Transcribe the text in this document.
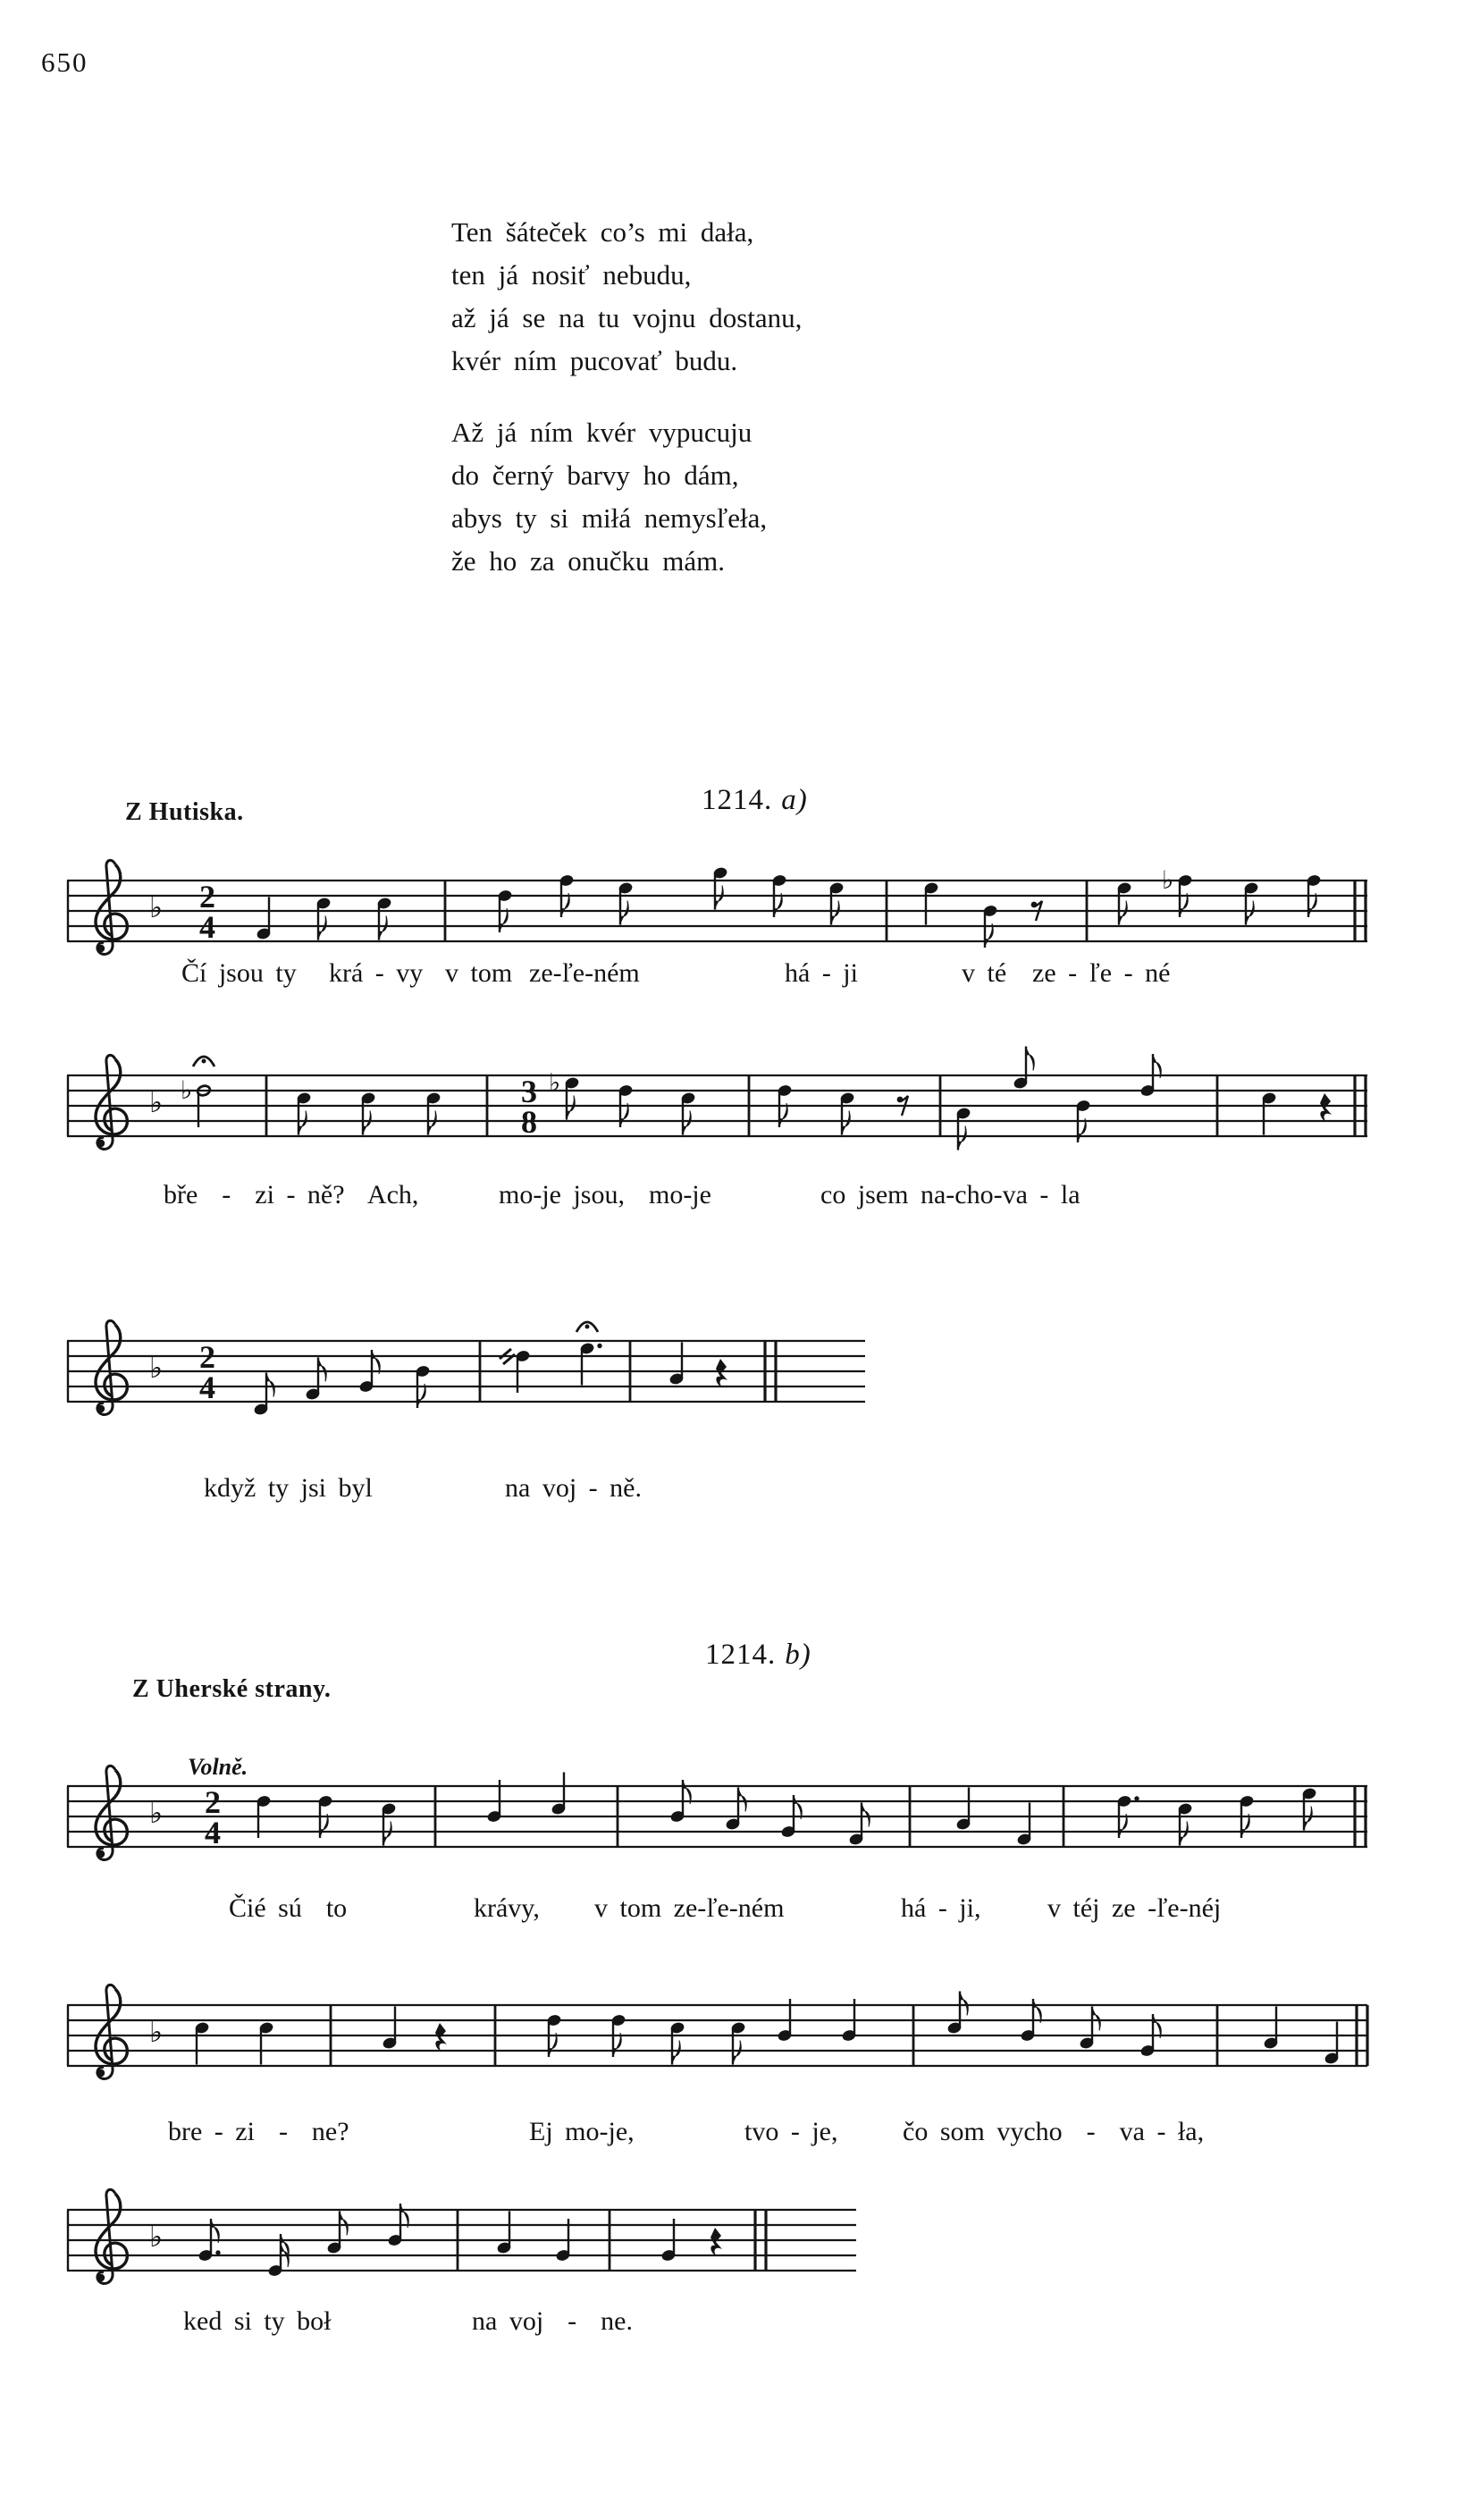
650
Ten šáteček co’s mi dała,
ten já nosiť nebudu,
až já se na tu vojnu dostanu,
kvér ním pucovať budu.
Až já ním kvér vypucuju
do černý barvy ho dám,
abys ty si miłá nemysľeła,
že ho za onučku mám.

1214. a)

Z Hutiska.

1214. b)

Z Uherské strany.
Volně.
♭ 2
4
♭
Čí jsou ty krá - vy v tom ze-ľe-ném	há - ji	v té ze - ľe - né
♭	3
8
♭	♭
bře  -  zi - ně?  Ach,	mo-je jsou,  mo-je	co jsem na-cho-va - la
♭ 2
4
když ty jsi byl	na voj - ně.
♭ 2
4
Čié sú  to	krávy, v tom ze-ľe-ném	há - ji, v téj ze -ľe-néj
♭
bre - zi  -  ne?	Ej mo-je,	tvo - je, čo som vycho  -  va - ła,
♭
ked si ty boł	na voj  -  ne.
